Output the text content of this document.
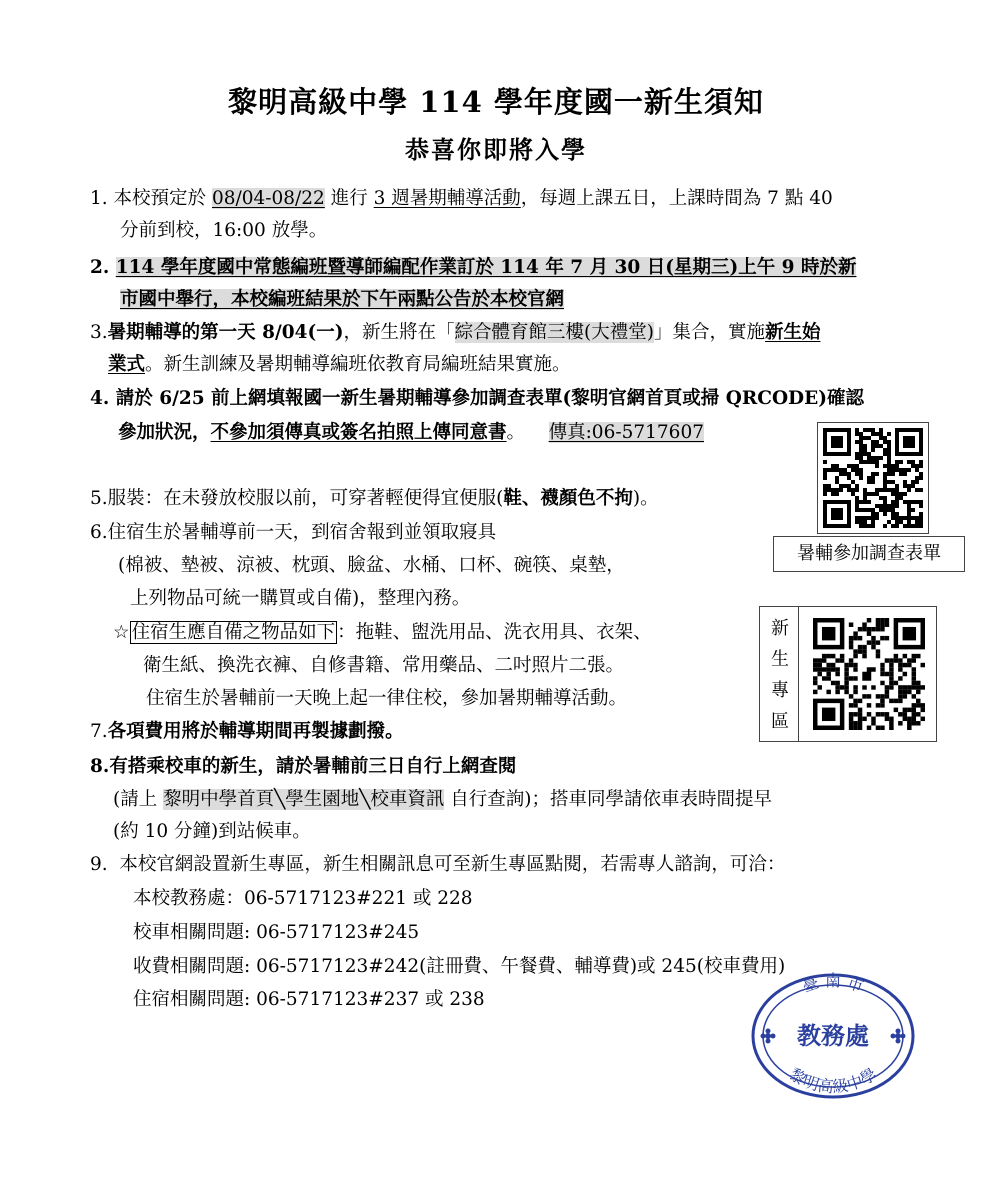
黎明高級中學 114 學年度國一新生須知
恭喜你即將入學
1. 本校預定於 08/04-08/22 進行 3 週暑期輔導活動，每週上課五日，上課時間為 7 點 40
分前到校，16:00 放學。
2. 114 學年度國中常態編班暨導師編配作業訂於 114 年 7 月 30 日(星期三)上午 9 時於新
市國中舉行，本校編班結果於下午兩點公告於本校官網
3.暑期輔導的第一天 8/04(一)，新生將在「綜合體育館三樓(大禮堂)」集合，實施新生始
業式。新生訓練及暑期輔導編班依教育局編班結果實施。
4. 請於 6/25 前上網填報國一新生暑期輔導參加調查表單(黎明官網首頁或掃 QRCODE)確認
參加狀況，不參加須傳真或簽名拍照上傳同意書。 傳真:06-5717607
5.服裝：在未發放校服以前，可穿著輕便得宜便服(鞋、襪顏色不拘)。
6.住宿生於暑輔導前一天，到宿舍報到並領取寢具
(棉被、墊被、涼被、枕頭、臉盆、水桶、口杯、碗筷、桌墊，
上列物品可統一購買或自備)，整理內務。
☆ 住宿生應自備之物品如下 ：拖鞋、盥洗用品、洗衣用具、衣架、
衛生紙、換洗衣褲、自修書籍、常用藥品、二吋照片二張。
住宿生於暑輔前一天晚上起一律住校，參加暑期輔導活動。
7.各項費用將於輔導期間再製據劃撥。
8.有搭乘校車的新生，請於暑輔前三日自行上網查閱
(請上 黎明中學首頁╲學生園地╲校車資訊 自行查詢)；搭車同學請依車表時間提早
(約 10 分鐘)到站候車。
9. 本校官網設置新生專區，新生相關訊息可至新生專區點閱，若需專人諮詢，可洽：
本校教務處：06-5717123#221 或 228
校車相關問題: 06-5717123#245
收費相關問題: 06-5717123#242(註冊費、午餐費、輔導費)或 245(校車費用)
住宿相關問題: 06-5717123#237 或 238
暑輔參加調查表單
新
生
專
區
臺 南 市
教務處
黎明高級中學
